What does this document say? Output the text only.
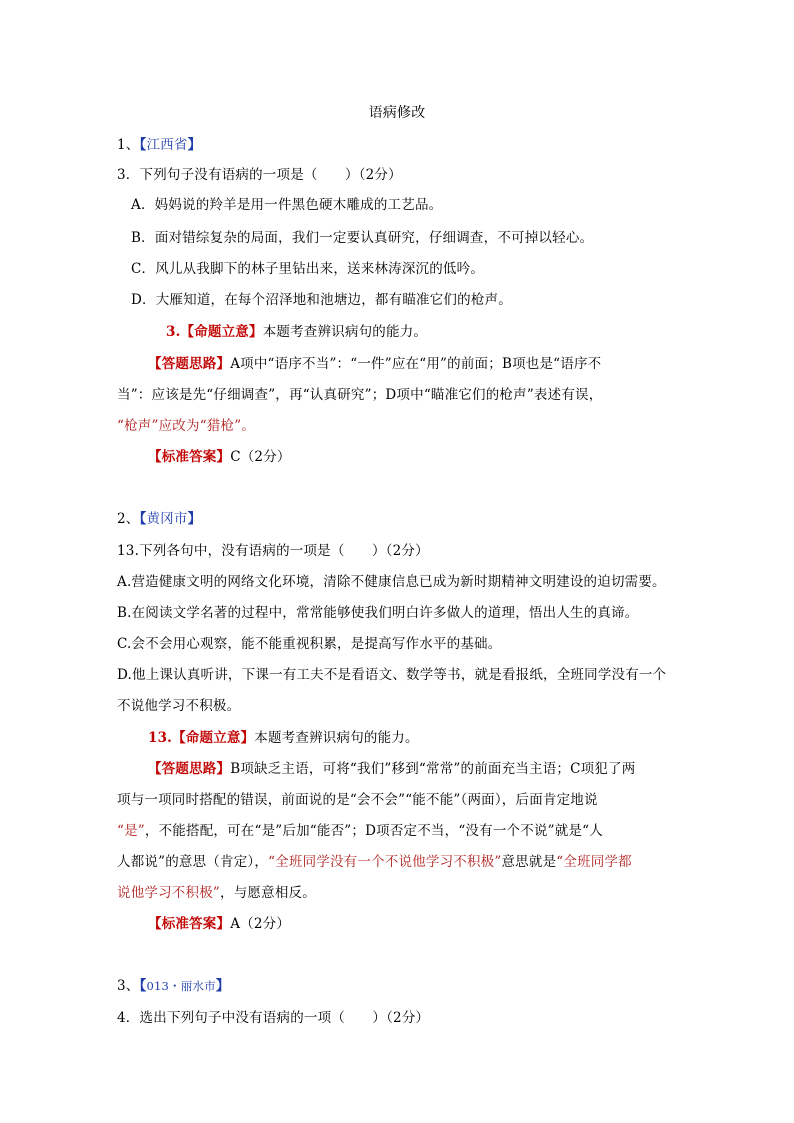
语病修改
1、【江西省】
3．下列句子没有语病的一项是（　　）（2分）
A．妈妈说的羚羊是用一件黑色硬木雕成的工艺品。
B．面对错综复杂的局面，我们一定要认真研究，仔细调查，不可掉以轻心。
C．风儿从我脚下的林子里钻出来，送来林涛深沉的低吟。
D．大雁知道，在每个沼泽地和池塘边，都有瞄准它们的枪声。
3.【命题立意】本题考查辨识病句的能力。
【答题思路】A项中“语序不当”：“一件”应在“用”的前面；B项也是“语序不
当”：应该是先“仔细调查”，再“认真研究”；D项中“瞄准它们的枪声”表述有误，
“枪声”应改为“猎枪”。
【标准答案】C（2分）
2、【黄冈市】
13.下列各句中，没有语病的一项是（　　）（2分）
A.营造健康文明的网络文化环境，清除不健康信息已成为新时期精神文明建设的迫切需要。
B.在阅读文学名著的过程中，常常能够使我们明白许多做人的道理，悟出人生的真谛。
C.会不会用心观察，能不能重视积累，是提高写作水平的基础。
D.他上课认真听讲，下课一有工夫不是看语文、数学等书，就是看报纸，全班同学没有一个
不说他学习不积极。
13.【命题立意】本题考查辨识病句的能力。
【答题思路】B项缺乏主语，可将“我们”移到“常常”的前面充当主语；C项犯了两
项与一项同时搭配的错误，前面说的是“会不会”“能不能”（两面），后面肯定地说
“是”，不能搭配，可在“是”后加“能否”；D项否定不当，“没有一个不说”就是“人
人都说”的意思（肯定），“全班同学没有一个不说他学习不积极”意思就是“全班同学都
说他学习不积极”，与愿意相反。
【标准答案】A（2分）
3、【013・丽水市】
4．选出下列句子中没有语病的一项（　　）（2分）
